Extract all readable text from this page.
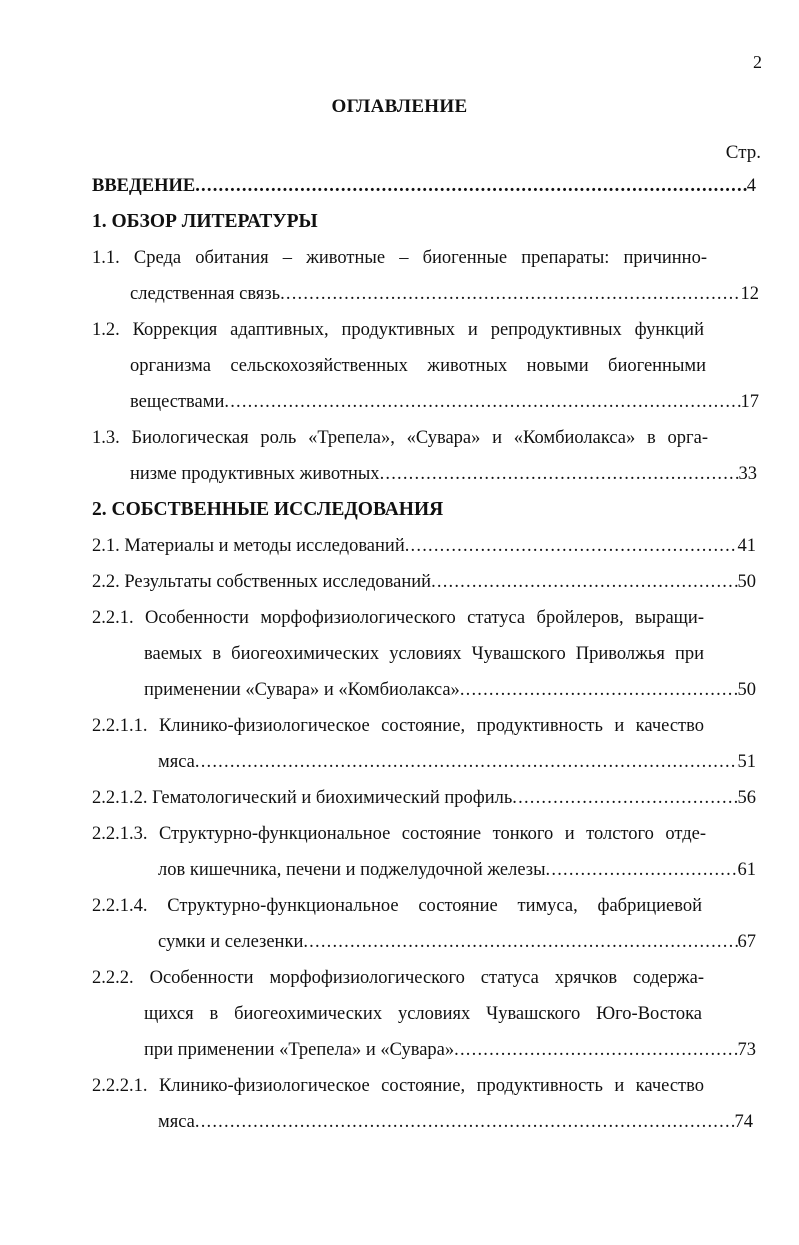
2
ОГЛАВЛЕНИЕ
Стр.
ВВЕДЕНИЕ .....	4
1. ОБЗОР ЛИТЕРАТУРЫ
1.1. Среда обитания – животные – биогенные препараты: причинно-
следственная связь .....	12
1.2. Коррекция адаптивных, продуктивных и репродуктивных функций
организма сельскохозяйственных животных новыми биогенными
веществами .....	17
1.3. Биологическая роль «Трепела», «Сувара» и «Комбиолакса» в орга-
низме продуктивных животных .....	33
2. СОБСТВЕННЫЕ ИССЛЕДОВАНИЯ
2.1. Материалы и методы исследований .....	41
2.2. Результаты собственных исследований .....	50
2.2.1. Особенности морфофизиологического статуса бройлеров, выращи-
ваемых в биогеохимических условиях Чувашского Приволжья при
применении «Сувара» и «Комбиолакса» .....	50
2.2.1.1. Клинико-физиологическое состояние, продуктивность и качество
мяса .....	51
2.2.1.2. Гематологический и биохимический профиль .....	56
2.2.1.3. Структурно-функциональное состояние тонкого и толстого отде-
лов кишечника, печени и поджелудочной железы .....	61
2.2.1.4. Структурно-функциональное состояние тимуса, фабрициевой
сумки и селезенки .....	67
2.2.2. Особенности морфофизиологического статуса хрячков содержа-
щихся в биогеохимических условиях Чувашского Юго-Востока
при применении «Трепела» и «Сувара» .....	73
2.2.2.1. Клинико-физиологическое состояние, продуктивность и качество
мяса .....	74
